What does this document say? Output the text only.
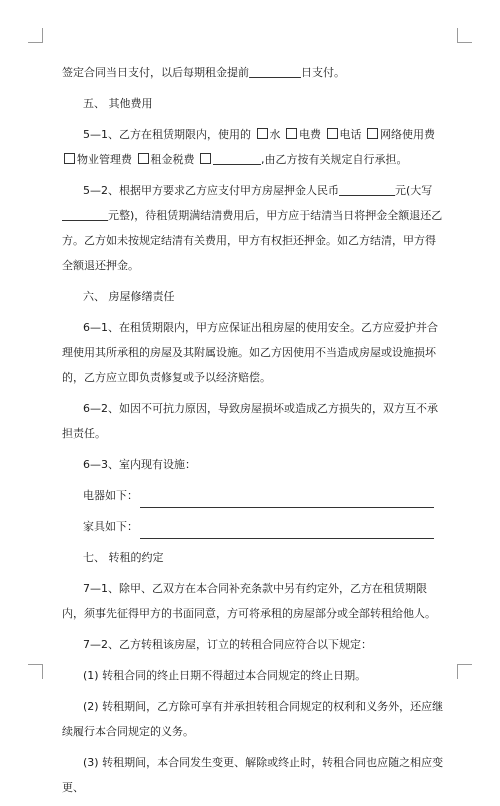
签定合同当日支付，以后每期租金提前	日支付。

五、 其他费用

5—1、乙方在租赁期限内，使用的 水 电费 电话 网络使用费 物业管理费 租金税费	,由乙方按有关规定自行承担。

5—2、根据甲方要求乙方应支付甲方房屋押金人民币	元(大写元整)，待租赁期满结清费用后，甲方应于结清当日将押金全额退还乙方。乙方如未按规定结清有关费用，甲方有权拒还押金。如乙方结清，甲方得全额退还押金。

六、 房屋修缮责任

6—1、在租赁期限内，甲方应保证出租房屋的使用安全。乙方应爱护并合理使用其所承租的房屋及其附属设施。如乙方因使用不当造成房屋或设施损坏的，乙方应立即负责修复或予以经济赔偿。

6—2、如因不可抗力原因，导致房屋损坏或造成乙方损失的，双方互不承担责任。

6—3、室内现有设施：

电器如下：

家具如下：

七、 转租的约定

7—1、除甲、乙双方在本合同补充条款中另有约定外，乙方在租赁期限内，须事先征得甲方的书面同意，方可将承租的房屋部分或全部转租给他人。

7—2、乙方转租该房屋，订立的转租合同应符合以下规定：

(1) 转租合同的终止日期不得超过本合同规定的终止日期。

(2) 转租期间，乙方除可享有并承担转租合同规定的权利和义务外，还应继续履行本合同规定的义务。

(3) 转租期间，本合同发生变更、解除或终止时，转租合同也应随之相应变更、
